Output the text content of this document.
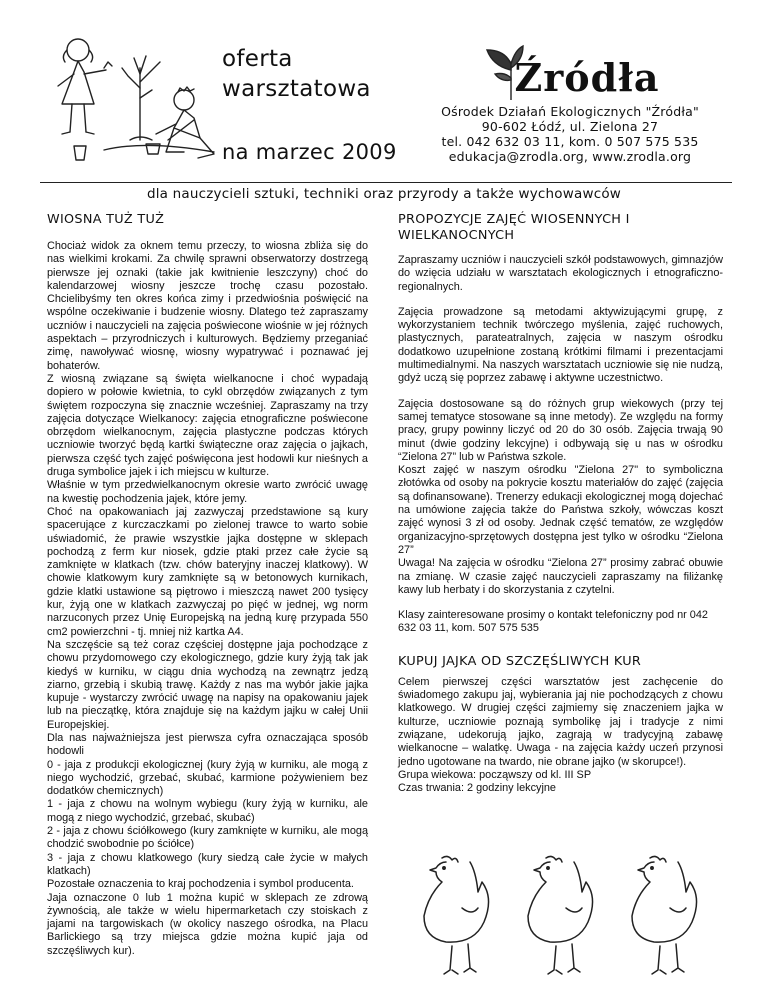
oferta
warsztatowa
na marzec 2009
Źródła
Ośrodek Działań Ekologicznych "Źródła"
90-602 Łódź, ul. Zielona 27
tel. 042 632 03 11, kom. 0 507 575 535
edukacja@zrodla.org, www.zrodla.org
dla nauczycieli sztuki, techniki oraz przyrody a także wychowawców
WIOSNA TUŻ TUŻ

Chociaż widok za oknem temu przeczy, to wiosna zbliża się do nas wielkimi krokami. Za chwilę sprawni obserwatorzy dostrzegą pierwsze jej oznaki (takie jak kwitnienie leszczyny) choć do kalendarzowej wiosny jeszcze trochę czasu pozostało. Chcielibyśmy ten okres końca zimy i przedwiośnia poświęcić na wspólne oczekiwanie i budzenie wiosny. Dlatego też zapraszamy uczniów i nauczycieli na zajęcia poświecone wiośnie w jej różnych aspektach – przyrodniczych i kulturowych. Będziemy przeganiać zimę, nawoływać wiosnę, wiosny wypatrywać i poznawać jej bohaterów.

Z wiosną związane są święta wielkanocne i choć wypadają dopiero w połowie kwietnia, to cykl obrzędów związanych z tym świętem rozpoczyna się znacznie wcześniej. Zapraszamy na trzy zajęcia dotyczące Wielkanocy: zajęcia etnograficzne poświecone obrzędom wielkanocnym, zajęcia plastyczne podczas których uczniowie tworzyć będą kartki świąteczne oraz zajęcia o jajkach, pierwsza część tych zajęć poświęcona jest hodowli kur nieśnych a druga symbolice jajek i ich miejscu w kulturze.

Właśnie w tym przedwielkanocnym okresie warto zwrócić uwagę na kwestię pochodzenia jajek, które jemy.

Choć na opakowaniach jaj zazwyczaj przedstawione są kury spacerujące z kurczaczkami po zielonej trawce to warto sobie uświadomić, że prawie wszystkie jajka dostępne w sklepach pochodzą z ferm kur niosek, gdzie ptaki przez całe życie są zamknięte w klatkach (tzw. chów bateryjny inaczej klatkowy). W chowie klatkowym kury zamknięte są w betonowych kurnikach, gdzie klatki ustawione są piętrowo i mieszczą nawet 200 tysięcy kur, żyją one w klatkach zazwyczaj po pięć w jednej, wg norm narzuconych przez Unię Europejską na jedną kurę przypada 550 cm2 powierzchni - tj. mniej niż kartka A4.

Na szczęście są też coraz częściej dostępne jaja pochodzące z chowu przydomowego czy ekologicznego, gdzie kury żyją tak jak kiedyś w kurniku, w ciągu dnia wychodzą na zewnątrz jedzą ziarno, grzebią i skubią trawę. Każdy z nas ma wybór jakie jajka kupuje - wystarczy zwrócić uwagę na napisy na opakowaniu jajek lub na pieczątkę, która znajduje się na każdym jajku w całej Unii Europejskiej.

Dla nas najważniejsza jest pierwsza cyfra oznaczająca sposób hodowli

0 - jaja z produkcji ekologicznej (kury żyją w kurniku, ale mogą z niego wychodzić, grzebać, skubać, karmione pożywieniem bez dodatków chemicznych)

1 - jaja z chowu na wolnym wybiegu (kury żyją w kurniku, ale mogą z niego wychodzić, grzebać, skubać)

2 - jaja z chowu ściółkowego (kury zamknięte w kurniku, ale mogą chodzić swobodnie po ściółce)

3 - jaja z chowu klatkowego (kury siedzą całe życie w małych klatkach)

Pozostałe oznaczenia to kraj pochodzenia i symbol producenta.

Jaja oznaczone 0 lub 1 można kupić w sklepach ze zdrową żywnością, ale także w wielu hipermarketach czy stoiskach z jajami na targowiskach (w okolicy naszego ośrodka, na Placu Barlickiego są trzy miejsca gdzie można kupić jaja od szczęśliwych kur).

PROPOZYCJE ZAJĘĆ WIOSENNYCH I WIELKANOCNYCH

Zapraszamy uczniów i nauczycieli szkół podstawowych, gimnazjów do wzięcia udziału w warsztatach ekologicznych i etnograficzno-regionalnych.

Zajęcia prowadzone są metodami aktywizującymi grupę, z wykorzystaniem technik twórczego myślenia, zajęć ruchowych, plastycznych, parateatralnych, zajęcia w naszym ośrodku dodatkowo uzupełnione zostaną krótkimi filmami i prezentacjami multimedialnymi. Na naszych warsztatach uczniowie się nie nudzą, gdyż uczą się poprzez zabawę i aktywne uczestnictwo.

Zajęcia dostosowane są do różnych grup wiekowych (przy tej samej tematyce stosowane są inne metody). Ze względu na formy pracy, grupy powinny liczyć od 20 do 30 osób. Zajęcia trwają 90 minut (dwie godziny lekcyjne) i odbywają się u nas w ośrodku “Zielona 27” lub w Państwa szkole.

Koszt zajęć w naszym ośrodku "Zielona 27" to symboliczna złotówka od osoby na pokrycie kosztu materiałów do zajęć (zajęcia są dofinansowane). Trenerzy edukacji ekologicznej mogą dojechać na umówione zajęcia także do Państwa szkoły, wówczas koszt zajęć wynosi 3 zł od osoby. Jednak część tematów, ze względów organizacyjno-sprzętowych dostępna jest tylko w ośrodku “Zielona 27”

Uwaga! Na zajęcia w ośrodku “Zielona 27” prosimy zabrać obuwie na zmianę. W czasie zajęć nauczycieli zapraszamy na filiżankę kawy lub herbaty i do skorzystania z czytelni.

Klasy zainteresowane prosimy o kontakt telefoniczny pod nr 042 632 03 11, kom. 507 575 535

KUPUJ JAJKA OD SZCZĘŚLIWYCH KUR

Celem pierwszej części warsztatów jest zachęcenie do świadomego zakupu jaj, wybierania jaj nie pochodzących z chowu klatkowego. W drugiej części zajmiemy się znaczeniem jajka w kulturze, uczniowie poznają symbolikę jaj i tradycje z nimi związane, udekorują jajko, zagrają w tradycyjną zabawę wielkanocne – walatkę. Uwaga - na zajęcia każdy uczeń przynosi jedno ugotowane na twardo, nie obrane jajko (w skorupce!).

Grupa wiekowa: począwszy od kl. III SP

Czas trwania: 2 godziny lekcyjne
